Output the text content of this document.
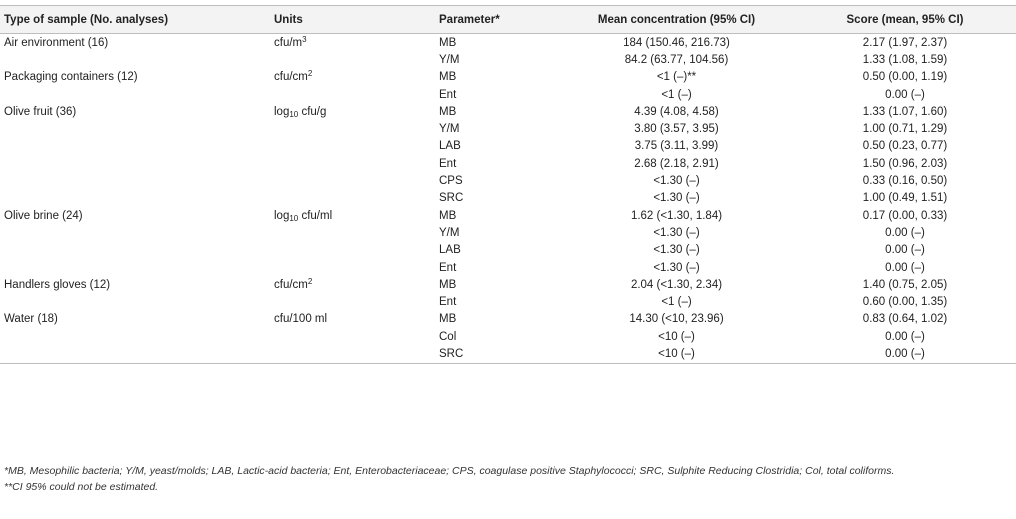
Type of sample (No. analyses)	Units	Parameter*	Mean concentration (95% CI)	Score (mean, 95% CI)
Air environment (16)	cfu/$m^3$	MB	184 (150.46, 216.73)	2.17 (1.97, 2.37)
		Y/M	84.2 (63.77, 104.56)	1.33 (1.08, 1.59)
Packaging containers (12)	cfu/$cm^2$	MB	<1 (–)**	0.50 (0.00, 1.19)
		Ent	<1 (–)	0.00 (–)
Olive fruit (36)	$\log_{10} cfu/g$	MB	4.39 (4.08, 4.58)	1.33 (1.07, 1.60)
		Y/M	3.80 (3.57, 3.95)	1.00 (0.71, 1.29)
		LAB	3.75 (3.11, 3.99)	0.50 (0.23, 0.77)
		Ent	2.68 (2.18, 2.91)	1.50 (0.96, 2.03)
		CPS	<1.30 (–)	0.33 (0.16, 0.50)
		SRC	<1.30 (–)	1.00 (0.49, 1.51)
Olive brine (24)	$\log_{10} cfu/ml$	MB	1.62 (<1.30, 1.84)	0.17 (0.00, 0.33)
		Y/M	<1.30 (–)	0.00 (–)
		LAB	<1.30 (–)	0.00 (–)
		Ent	<1.30 (–)	0.00 (–)
Handlers gloves (12)	cfu/$cm^2$	MB	2.04 (<1.30, 2.34)	1.40 (0.75, 2.05)
		Ent	<1 (–)	0.60 (0.00, 1.35)
Water (18)	cfu/100 ml	MB	14.30 (<10, 23.96)	0.83 (0.64, 1.02)
		Col	<10 (–)	0.00 (–)
		SRC	<10 (–)	0.00 (–)
*MB, Mesophilic bacteria; Y/M, yeast/molds; LAB, Lactic-acid bacteria; Ent, Enterobacteriaceae; CPS, coagulase positive Staphylococci; SRC, Sulphite Reducing Clostridia; Col, total coliforms.
**CI 95% could not be estimated.
